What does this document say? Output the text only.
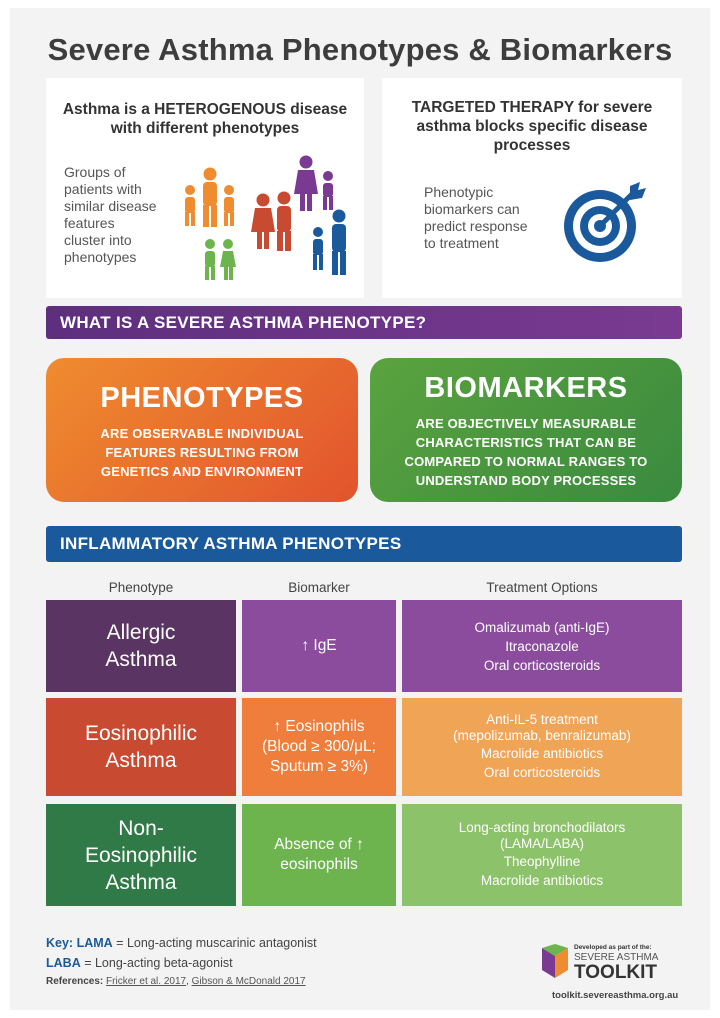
Severe Asthma Phenotypes & Biomarkers
Asthma is a HETEROGENOUS disease
with different phenotypes
Groups of
patients with
similar disease
features
cluster into
phenotypes
TARGETED THERAPY for severe
asthma blocks specific disease
processes
Phenotypic
biomarkers can
predict response
to treatment
WHAT IS A SEVERE ASTHMA PHENOTYPE?
PHENOTYPES
ARE OBSERVABLE INDIVIDUAL
FEATURES RESULTING FROM
GENETICS AND ENVIRONMENT
BIOMARKERS
ARE OBJECTIVELY MEASURABLE
CHARACTERISTICS THAT CAN BE
COMPARED TO NORMAL RANGES TO
UNDERSTAND BODY PROCESSES
INFLAMMATORY ASTHMA PHENOTYPES
Phenotype	Biomarker	Treatment Options
Allergic
Asthma
↑ IgE
Omalizumab (anti-IgE)
Itraconazole
Oral corticosteroids
Eosinophilic
Asthma
↑ Eosinophils
(Blood ≥ 300/μL;
Sputum ≥ 3%)
Anti-IL-5 treatment
(mepolizumab, benralizumab)
Macrolide antibiotics
Oral corticosteroids
Non-
Eosinophilic
Asthma
Absence of ↑
eosinophils
Long-acting bronchodilators
(LAMA/LABA)
Theophylline
Macrolide antibiotics
Key: LAMA = Long-acting muscarinic antagonist
LABA = Long-acting beta-agonist
References: Fricker et al. 2017, Gibson & McDonald 2017
Developed as part of the:
SEVERE ASTHMA
TOOLKIT
toolkit.severeasthma.org.au
